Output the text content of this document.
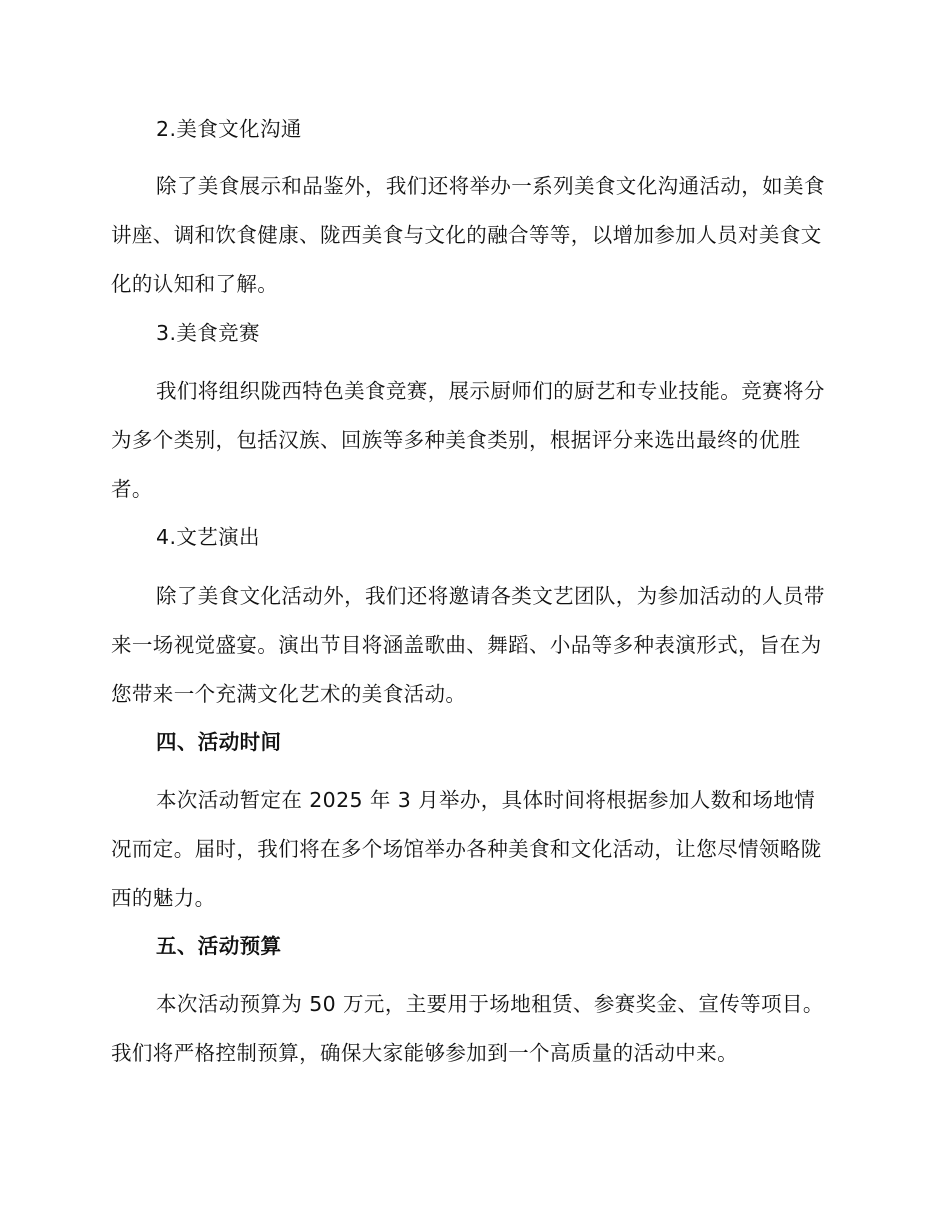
2.美食文化沟通

除了美食展示和品鉴外，我们还将举办一系列美食文化沟通活动，如美食讲座、调和饮食健康、陇西美食与文化的融合等等，以增加参加人员对美食文化的认知和了解。

3.美食竞赛

我们将组织陇西特色美食竞赛，展示厨师们的厨艺和专业技能。竞赛将分为多个类别，包括汉族、回族等多种美食类别，根据评分来选出最终的优胜者。

4.文艺演出

除了美食文化活动外，我们还将邀请各类文艺团队，为参加活动的人员带来一场视觉盛宴。演出节目将涵盖歌曲、舞蹈、小品等多种表演形式，旨在为您带来一个充满文化艺术的美食活动。

四、活动时间

本次活动暂定在 2025 年 3 月举办，具体时间将根据参加人数和场地情况而定。届时，我们将在多个场馆举办各种美食和文化活动，让您尽情领略陇西的魅力。

五、活动预算

本次活动预算为 50 万元，主要用于场地租赁、参赛奖金、宣传等项目。我们将严格控制预算，确保大家能够参加到一个高质量的活动中来。
